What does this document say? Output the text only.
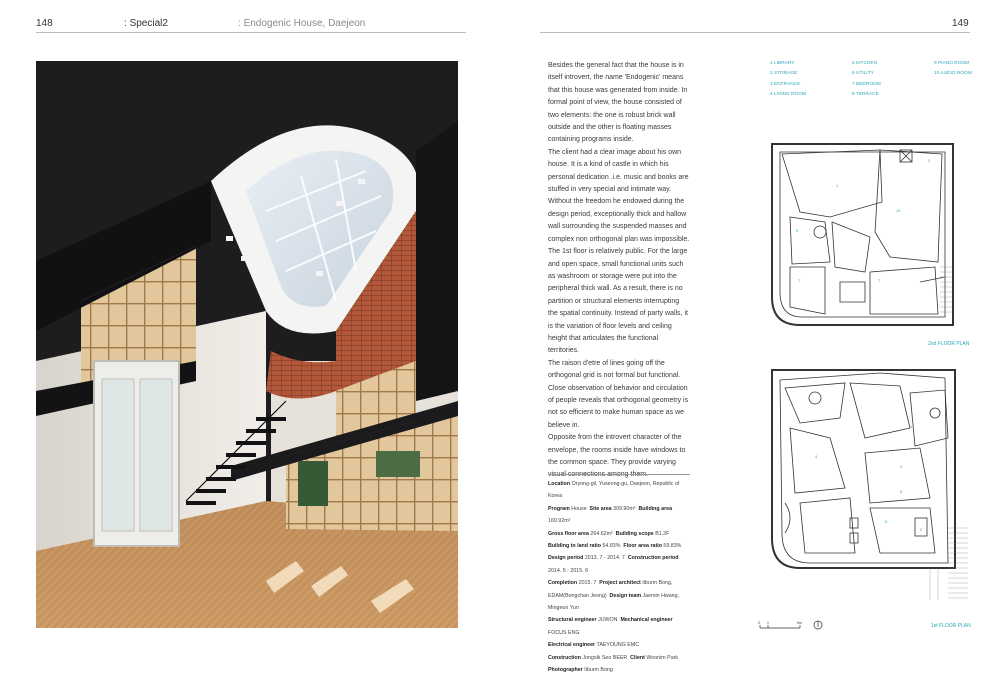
148	: Special2	: Endogenic House, Daejeon	149

Besides the general fact that the house is in itself introvert, the name 'Endogenic' means that this house was generated from inside. In formal point of view, the house consisted of two elements: the one is robust brick wall outside and the other is floating masses containing programs inside.

The client had a clear image about his own house. It is a kind of castle in which his personal dedication .i.e. music and books are stuffed in very special and intimate way. Without the freedom he endowed during the design period, exceptionally thick and hallow wall surrounding the suspended masses and complex non orthogonal plan was impossible. The 1st floor is relatively public. For the large and open space, small functional units such as washroom or storage were put into the peripheral thick wall. As a result, there is no partition or structural elements interrupting the spatial continuity. Instead of party walls, it is the variation of floor levels and ceiling height that articulates the functional territories.

The raison d'etre of lines going off the orthogonal grid is not formal but functional. Close observation of behavior and circulation of people reveals that orthogonal geometry is not so efficient to make human space as we believe in.

Opposite from the introvert character of the envelope, the rooms inside have windows to the common space. They provide varying

Location Oryong-gil, Yuseong-gu, Daejeon, Republic of Korea
Program House Site area 309.90m² Building area 169.92m²
Gross floor area 264.62m² Building scope B1.2F  Building to land ratio 54.83% Floor area ratio 59.83%  Design period 2013. 7 - 2014. 7 Construction period 2014. 5 - 2015. 6
Completion 2015. 7 Project architect Iiburm Bong, EDAM(Bongchan Jeong) Design team Jaemin Hwang, Mingeun Yun
Structural engineer JUWON Mechanical engineer FOCUS ENG
Electrical engineer TAEYOUNG EMC
Construction Jongsik Seo BEER Client Woonim Park
Photographer Iiburm Bong
1 LIBRARY
2 STORAGE
3 ENTRANCE
4 LIVING ROOM
5 KITCHEN
6 UTILITY
7 BEDROOM
8 TERRACE
9 PIANO ROOM
10 AUDIO ROOM
1
10
9
7	7
2
2nd FLOOR PLAN
4
1
3
5
6
2
0 1	5m	1st FLOOR PLAN
